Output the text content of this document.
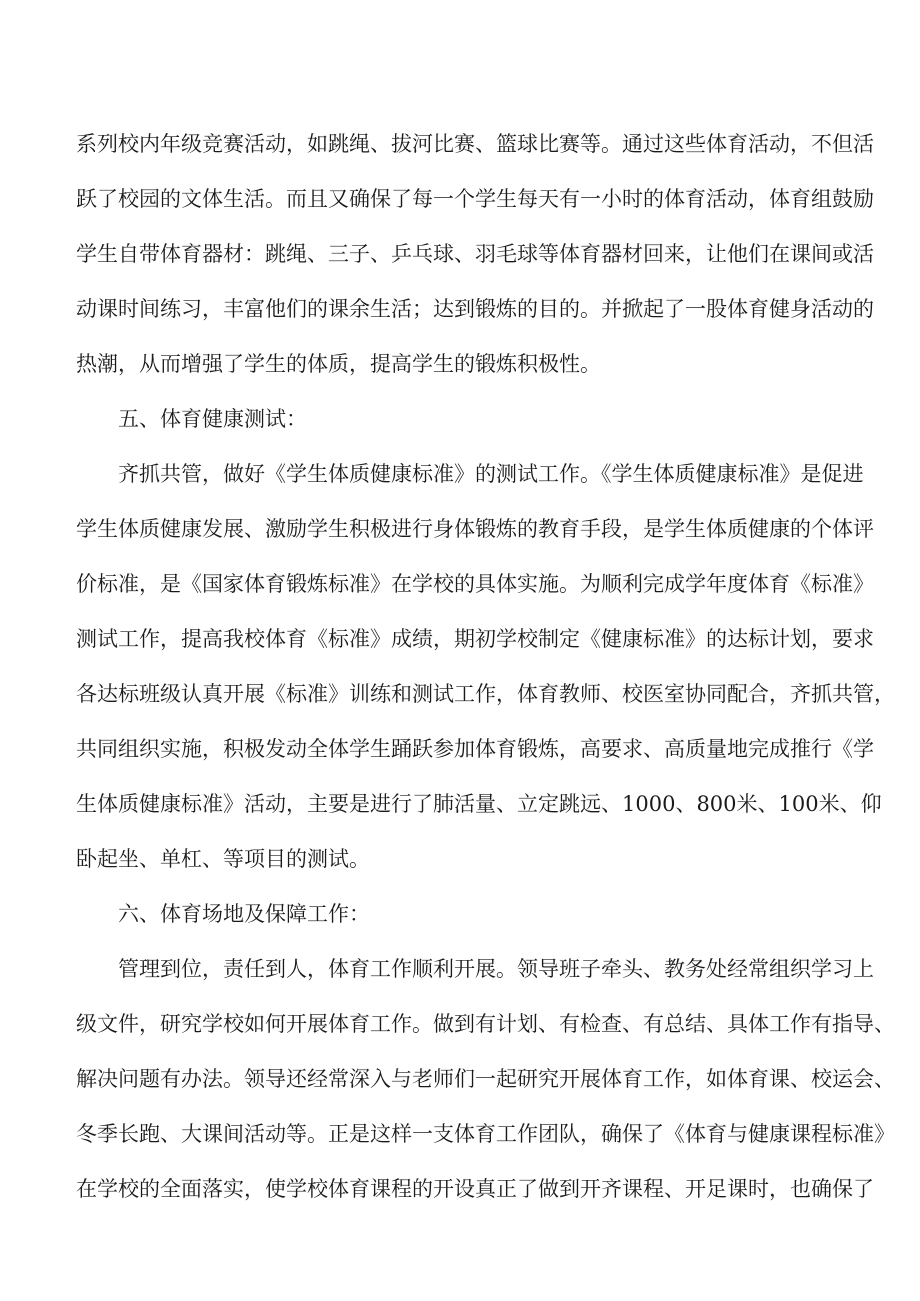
系列校内年级竞赛活动，如跳绳、拔河比赛、篮球比赛等。通过这些体育活动，不但活

跃了校园的文体生活。而且又确保了每一个学生每天有一小时的体育活动，体育组鼓励

学生自带体育器材：跳绳、三子、乒乓球、羽毛球等体育器材回来，让他们在课间或活

动课时间练习，丰富他们的课余生活；达到锻炼的目的。并掀起了一股体育健身活动的

热潮，从而增强了学生的体质，提高学生的锻炼积极性。

五、体育健康测试：

齐抓共管，做好《学生体质健康标准》的测试工作。《学生体质健康标准》是促进

学生体质健康发展、激励学生积极进行身体锻炼的教育手段，是学生体质健康的个体评

价标准，是《国家体育锻炼标准》在学校的具体实施。为顺利完成学年度体育《标准》

测试工作，提高我校体育《标准》成绩，期初学校制定《健康标准》的达标计划，要求

各达标班级认真开展《标准》训练和测试工作，体育教师、校医室协同配合，齐抓共管，

共同组织实施，积极发动全体学生踊跃参加体育锻炼，高要求、高质量地完成推行《学

生体质健康标准》活动，主要是进行了肺活量、立定跳远、1000、800米、100米、仰

卧起坐、单杠、等项目的测试。

六、体育场地及保障工作：

管理到位，责任到人，体育工作顺利开展。领导班子牵头、教务处经常组织学习上

级文件，研究学校如何开展体育工作。做到有计划、有检查、有总结、具体工作有指导、

解决问题有办法。领导还经常深入与老师们一起研究开展体育工作，如体育课、校运会、

冬季长跑、大课间活动等。正是这样一支体育工作团队，确保了《体育与健康课程标准》

在学校的全面落实，使学校体育课程的开设真正了做到开齐课程、开足课时，也确保了
